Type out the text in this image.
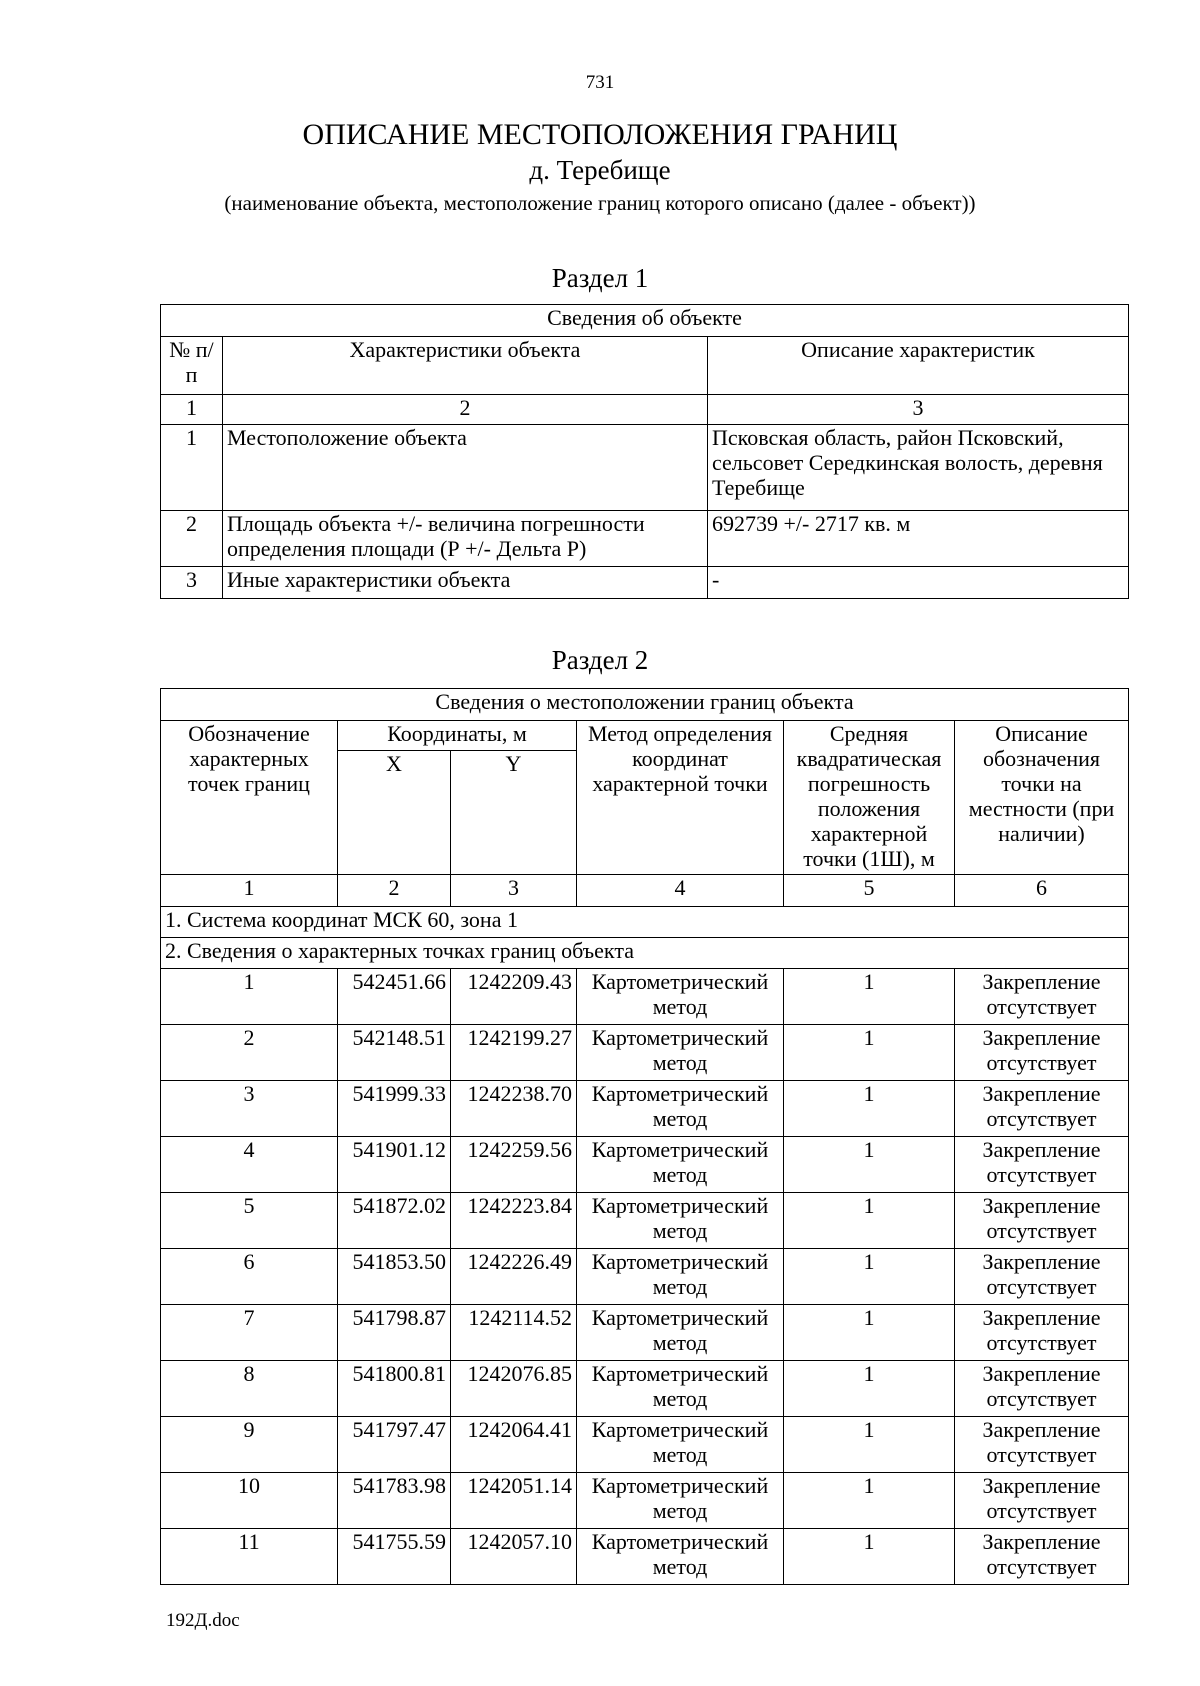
731
ОПИСАНИЕ МЕСТОПОЛОЖЕНИЯ ГРАНИЦ
д. Теребище
(наименование объекта, местоположение границ которого описано (далее - объект))
Раздел 1
Сведения об объекте		
№ п/п	Характеристики объекта	Описание характеристик
1	2	3
1	Местоположение объекта	Псковская область, район Псковский, сельсовет Середкинская волость, деревня Теребище
2	Площадь объекта +/- величина погрешности определения площади (Р +/- Дельта Р)	692739 +/- 2717 кв. м
3	Иные характеристики объекта	-
Раздел 2
Сведения о местоположении границ объекта					
Обозначение характерных точек границ	Координаты, м		Метод определения координат характерной точки	Средняя квадратическая погрешность положения характерной точки (1Ш), м	Описание обозначения точки на местности (при наличии)
	X	Y			
1	2	3	4	5	6
1. Система координат МСК 60, зона 1					
2. Сведения о характерных точках границ объекта					
1	542451.66	1242209.43	Картометрический метод	1	Закрепление отсутствует
2	542148.51	1242199.27	Картометрический метод	1	Закрепление отсутствует
3	541999.33	1242238.70	Картометрический метод	1	Закрепление отсутствует
4	541901.12	1242259.56	Картометрический метод	1	Закрепление отсутствует
5	541872.02	1242223.84	Картометрический метод	1	Закрепление отсутствует
6	541853.50	1242226.49	Картометрический метод	1	Закрепление отсутствует
7	541798.87	1242114.52	Картометрический метод	1	Закрепление отсутствует
8	541800.81	1242076.85	Картометрический метод	1	Закрепление отсутствует
9	541797.47	1242064.41	Картометрический метод	1	Закрепление отсутствует
10	541783.98	1242051.14	Картометрический метод	1	Закрепление отсутствует
11	541755.59	1242057.10	Картометрический метод	1	Закрепление отсутствует
192Д.doc
